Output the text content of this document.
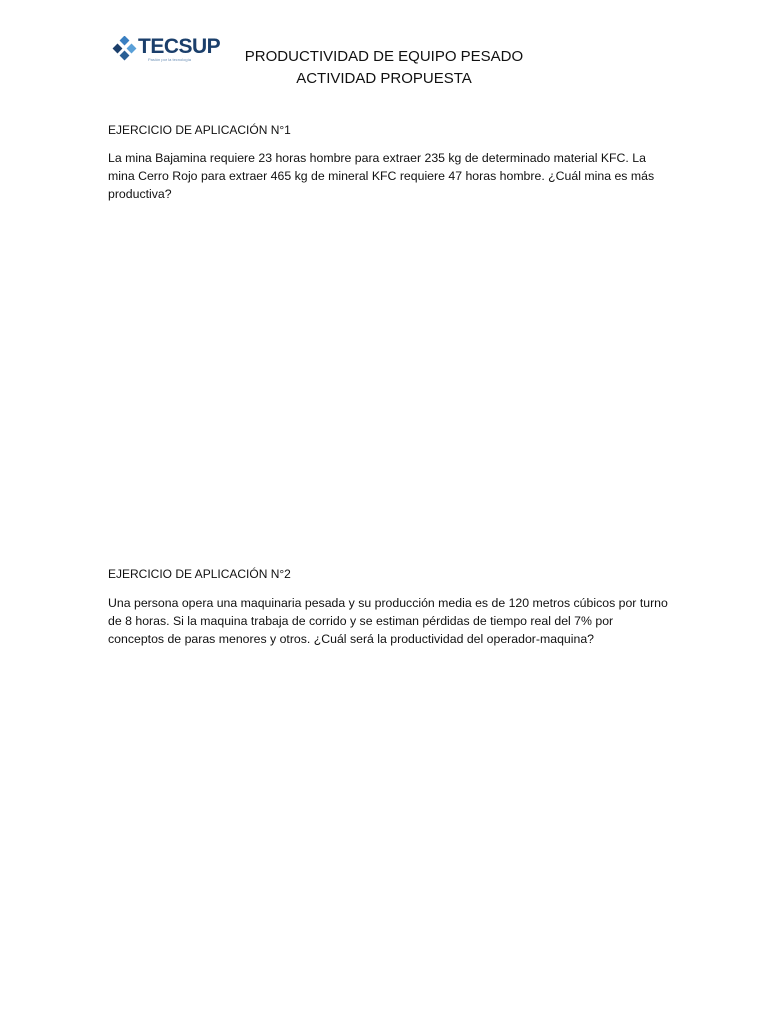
TECSUP
Pasión por la tecnología	PRODUCTIVIDAD DE EQUIPO PESADO
ACTIVIDAD PROPUESTA
EJERCICIO DE APLICACIÓN N°1
La mina Bajamina requiere 23 horas hombre para extraer 235 kg de determinado material KFC. La mina Cerro Rojo para extraer 465 kg de mineral KFC requiere 47 horas hombre. ¿Cuál mina es más productiva?
EJERCICIO DE APLICACIÓN N°2
Una persona opera una maquinaria pesada y su producción media es de 120 metros cúbicos por turno de 8 horas. Si la maquina trabaja de corrido y se estiman pérdidas de tiempo real del 7% por conceptos de paras menores y otros. ¿Cuál será la productividad del operador-maquina?
